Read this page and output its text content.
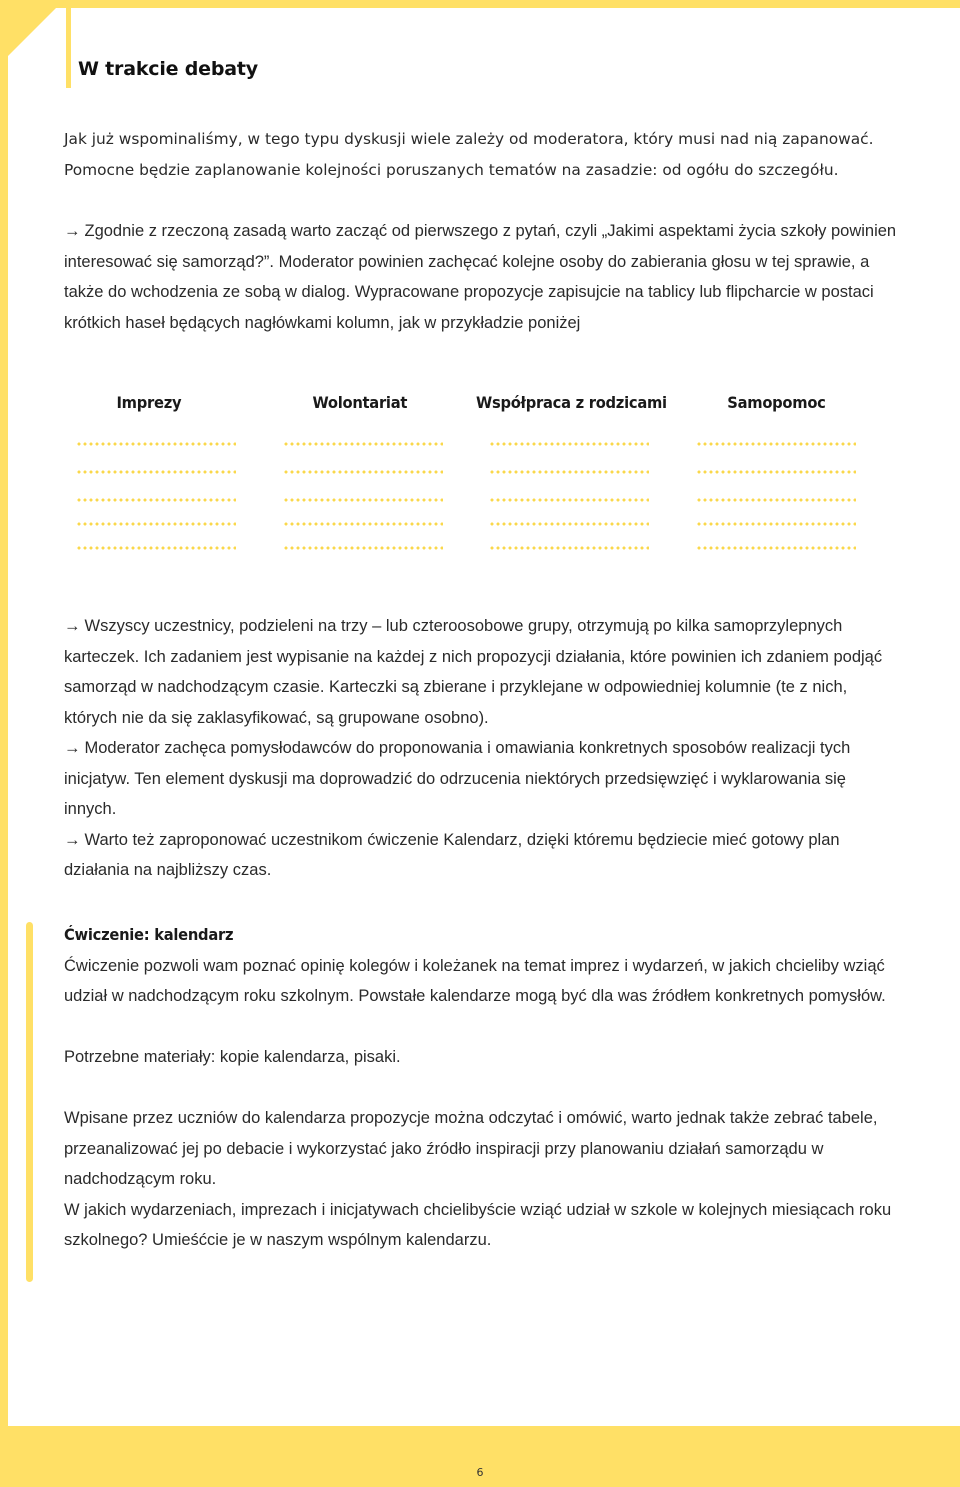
W trakcie debaty

Jak już wspominaliśmy, w tego typu dyskusji wiele zależy od moderatora, który musi nad nią zapanować. Pomocne będzie zaplanowanie kolejności poruszanych tematów na zasadzie: od ogółu do szczegółu.

→ Zgodnie z rzeczoną zasadą warto zacząć od pierwszego z pytań, czyli „Jakimi aspektami życia szkoły powinien interesować się samorząd?”. Moderator powinien zachęcać kolejne osoby do zabierania głosu w tej sprawie, a także do wchodzenia ze sobą w dialog. Wypracowane propozycje zapisujcie na tablicy lub flipcharcie w postaci krótkich haseł będących nagłówkami kolumn, jak w przykładzie poniżej

Imprezy	Wolontariat	Współpraca z rodzicami	Samopomoc

→ Wszyscy uczestnicy, podzieleni na trzy – lub czteroosobowe grupy, otrzymują po kilka samoprzylepnych karteczek. Ich zadaniem jest wypisanie na każdej z nich propozycji działania, które powinien ich zdaniem podjąć samorząd w nadchodzącym czasie. Karteczki są zbierane i przyklejane w odpowiedniej kolumnie (te z nich, których nie da się zaklasyfikować, są grupowane osobno).

→ Moderator zachęca pomysłodawców do proponowania i omawiania konkretnych sposobów realizacji tych inicjatyw. Ten element dyskusji ma doprowadzić do odrzucenia niektórych przedsięwzięć i wyklarowania się innych.

→ Warto też zaproponować uczestnikom ćwiczenie Kalendarz, dzięki któremu będziecie mieć gotowy plan działania na najbliższy czas.

Ćwiczenie: kalendarz

Ćwiczenie pozwoli wam poznać opinię kolegów i koleżanek na temat imprez i wydarzeń, w jakich chcieliby wziąć udział w nadchodzącym roku szkolnym. Powstałe kalendarze mogą być dla was źródłem konkretnych pomysłów.

Potrzebne materiały: kopie kalendarza, pisaki.

Wpisane przez uczniów do kalendarza propozycje można odczytać i omówić, warto jednak także zebrać tabele, przeanalizować jej po debacie i wykorzystać jako źródło inspiracji przy planowaniu działań samorządu w nadchodzącym roku.

W jakich wydarzeniach, imprezach i inicjatywach chcielibyście wziąć udział w szkole w kolejnych miesiącach roku szkolnego? Umieśćcie je w naszym wspólnym kalendarzu.

6
